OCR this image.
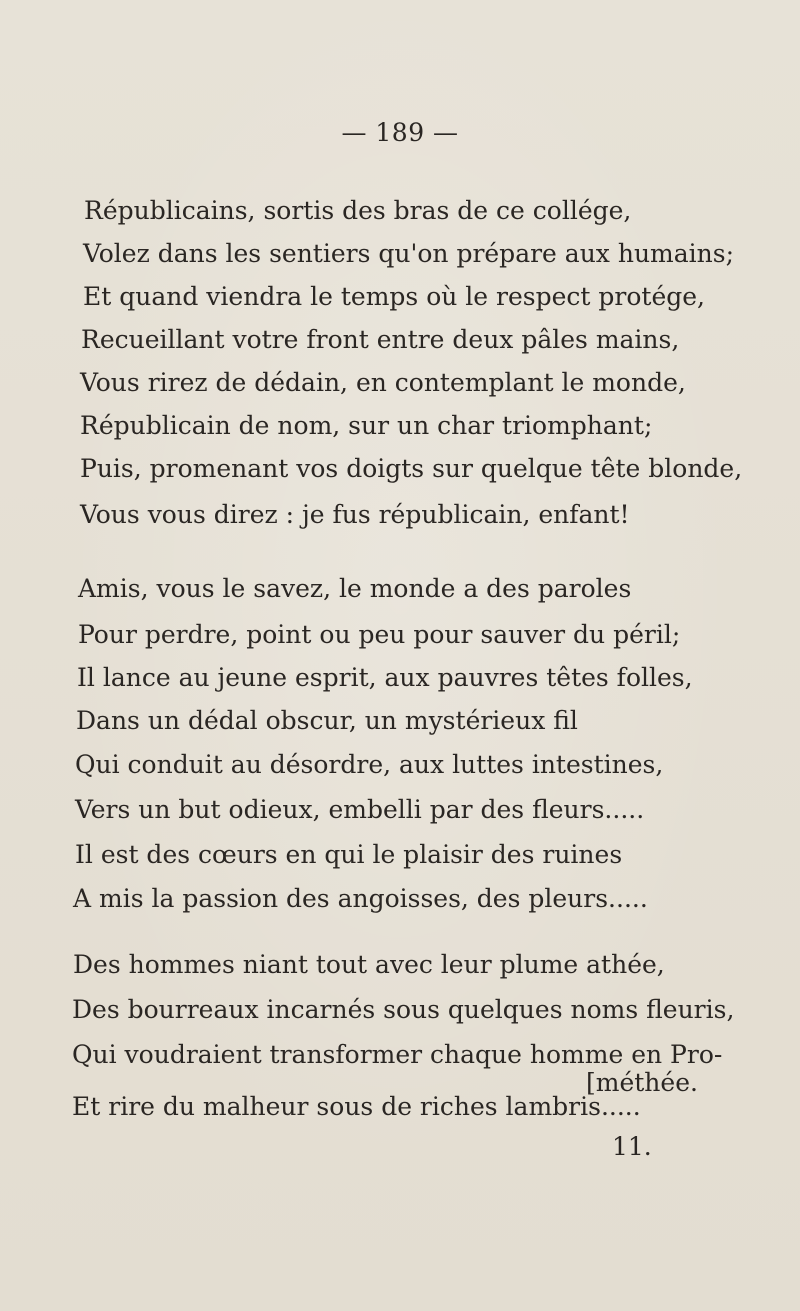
— 189 —
Républicains, sortis des bras de ce collége,
Volez dans les sentiers qu'on prépare aux humains;
Et quand viendra le temps où le respect protége,
Recueillant votre front entre deux pâles mains,
Vous rirez de dédain, en contemplant le monde,
Républicain de nom, sur un char triomphant;
Puis, promenant vos doigts sur quelque tête blonde,
Vous vous direz : je fus républicain, enfant!
Amis, vous le savez, le monde a des paroles
Pour perdre, point ou peu pour sauver du péril;
Il lance au jeune esprit, aux pauvres têtes folles,
Dans un dédal obscur, un mystérieux fil
Qui conduit au désordre, aux luttes intestines,
Vers un but odieux, embelli par des fleurs.....
Il est des cœurs en qui le plaisir des ruines
A mis la passion des angoisses, des pleurs.....
Des hommes niant tout avec leur plume athée,
Des bourreaux incarnés sous quelques noms fleuris,
Qui voudraient transformer chaque homme en Pro-
[méthée.
Et rire du malheur sous de riches lambris.....
11.
